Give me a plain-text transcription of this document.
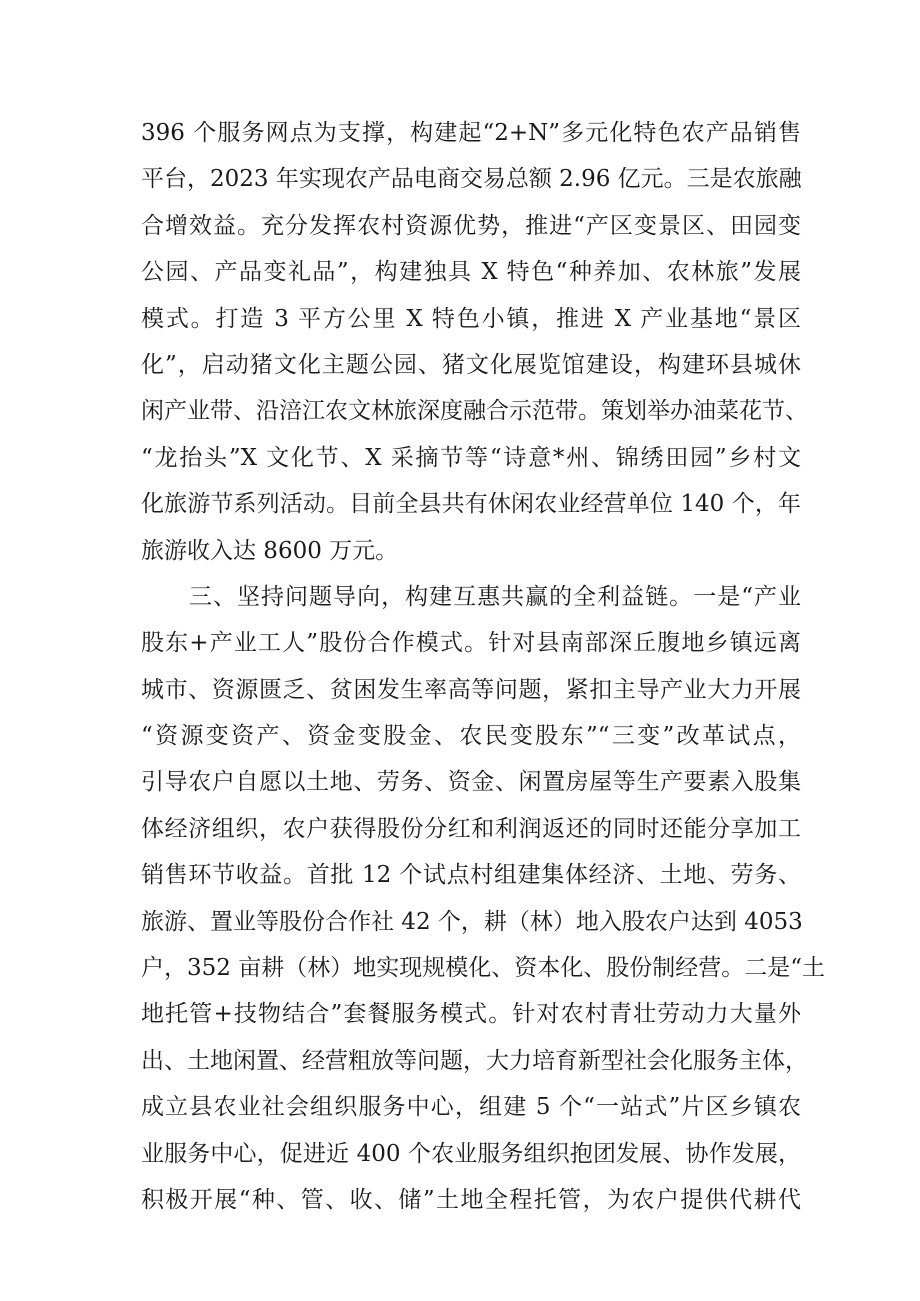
396 个服务网点为支撑，构建起“2+N”多元化特色农产品销售
平台，2023 年实现农产品电商交易总额 2.96 亿元。三是农旅融
合增效益。充分发挥农村资源优势，推进“产区变景区、田园变
公园、产品变礼品”，构建独具 X 特色“种养加、农林旅”发展
模式。打造 3 平方公里 X 特色小镇，推进 X 产业基地“景区
化”，启动猪文化主题公园、猪文化展览馆建设，构建环县城休
闲产业带、沿涪江农文林旅深度融合示范带。策划举办油菜花节、
“龙抬头”X 文化节、X 采摘节等“诗意*州、锦绣田园”乡村文
化旅游节系列活动。目前全县共有休闲农业经营单位 140 个，年
旅游收入达 8600 万元。
三、坚持问题导向，构建互惠共赢的全利益链。一是“产业
股东+产业工人”股份合作模式。针对县南部深丘腹地乡镇远离
城市、资源匮乏、贫困发生率高等问题，紧扣主导产业大力开展
“资源变资产、资金变股金、农民变股东”“三变”改革试点，
引导农户自愿以土地、劳务、资金、闲置房屋等生产要素入股集
体经济组织，农户获得股份分红和利润返还的同时还能分享加工
销售环节收益。首批 12 个试点村组建集体经济、土地、劳务、
旅游、置业等股份合作社 42 个，耕（林）地入股农户达到 4053
户，352 亩耕（林）地实现规模化、资本化、股份制经营。二是“土
地托管+技物结合”套餐服务模式。针对农村青壮劳动力大量外
出、土地闲置、经营粗放等问题，大力培育新型社会化服务主体，
成立县农业社会组织服务中心，组建 5 个“一站式”片区乡镇农
业服务中心，促进近 400 个农业服务组织抱团发展、协作发展，
积极开展“种、管、收、储”土地全程托管，为农户提供代耕代
